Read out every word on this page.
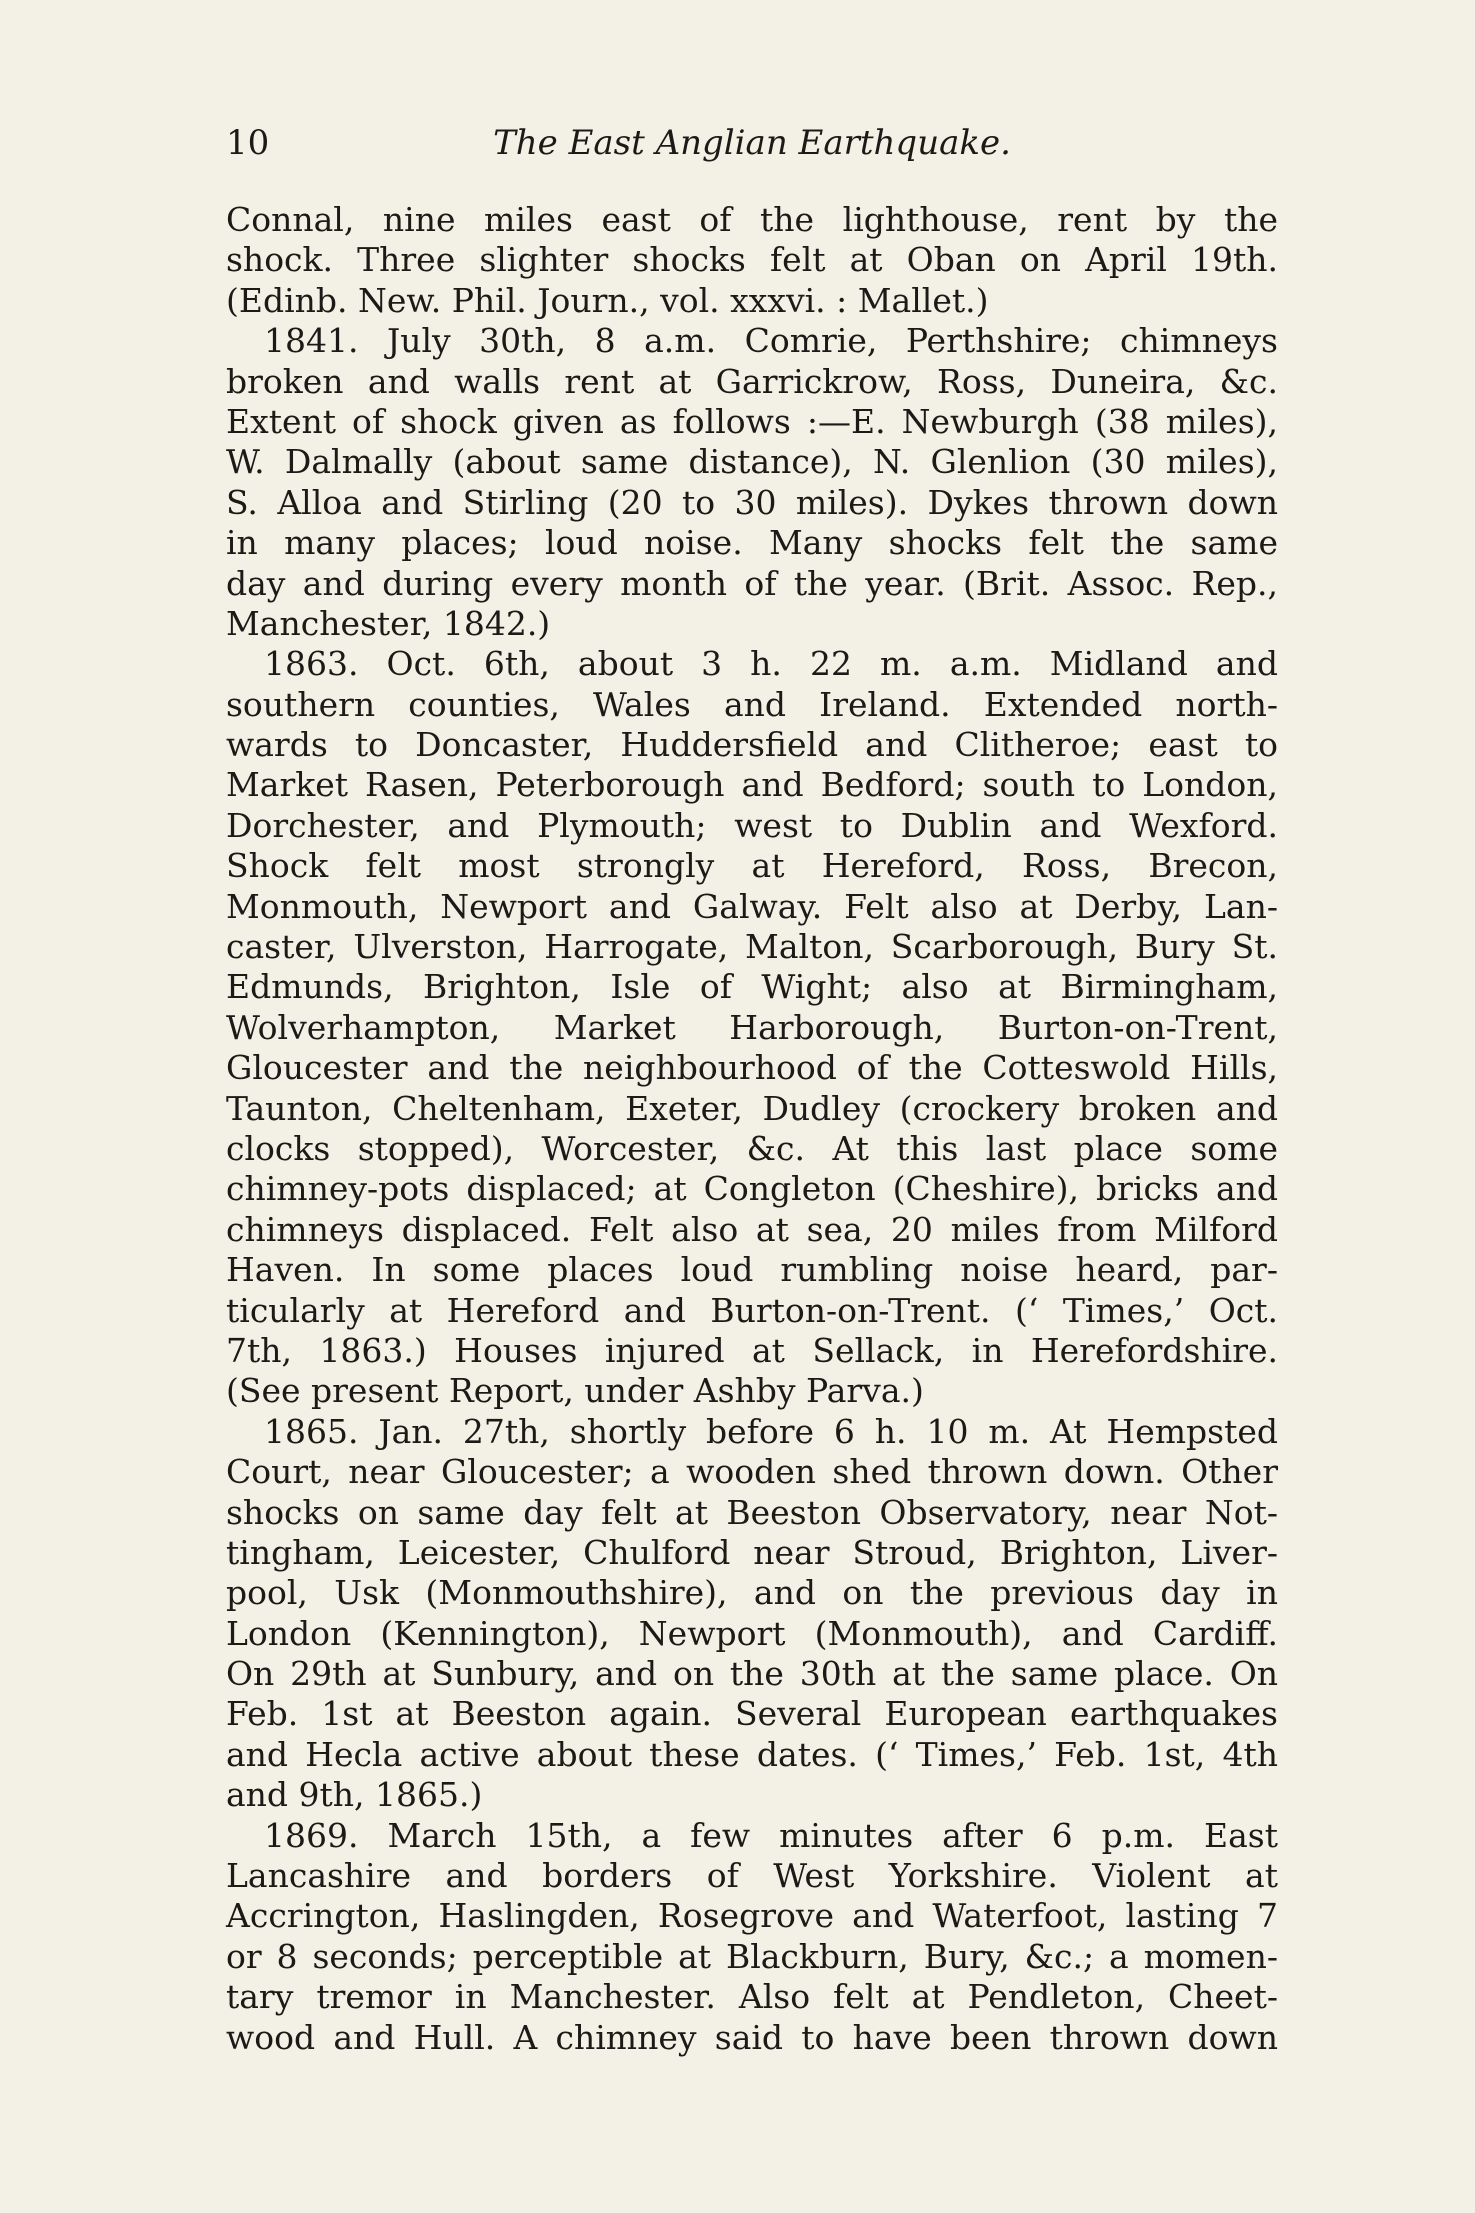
10	The East Anglian Earthquake.
Connal, nine miles east of the lighthouse, rent by the
shock. Three slighter shocks felt at Oban on April 19th.
(Edinb. New. Phil. Journ., vol. xxxvi. : Mallet.)
1841. July 30th, 8 a.m. Comrie, Perthshire; chimneys
broken and walls rent at Garrickrow, Ross, Duneira, &c.
Extent of shock given as follows :—E. Newburgh (38 miles),
W. Dalmally (about same distance), N. Glenlion (30 miles),
S. Alloa and Stirling (20 to 30 miles). Dykes thrown down
in many places; loud noise. Many shocks felt the same
day and during every month of the year. (Brit. Assoc. Rep.,
Manchester, 1842.)
1863. Oct. 6th, about 3 h. 22 m. a.m. Midland and
southern counties, Wales and Ireland. Extended north-
wards to Doncaster, Huddersfield and Clitheroe; east to
Market Rasen, Peterborough and Bedford; south to London,
Dorchester, and Plymouth; west to Dublin and Wexford.
Shock felt most strongly at Hereford, Ross, Brecon,
Monmouth, Newport and Galway. Felt also at Derby, Lan-
caster, Ulverston, Harrogate, Malton, Scarborough, Bury St.
Edmunds, Brighton, Isle of Wight; also at Birmingham,
Wolverhampton, Market Harborough, Burton-on-Trent,
Gloucester and the neighbourhood of the Cotteswold Hills,
Taunton, Cheltenham, Exeter, Dudley (crockery broken and
clocks stopped), Worcester, &c. At this last place some
chimney-pots displaced; at Congleton (Cheshire), bricks and
chimneys displaced. Felt also at sea, 20 miles from Milford
Haven. In some places loud rumbling noise heard, par-
ticularly at Hereford and Burton-on-Trent. (‘ Times,’ Oct.
7th, 1863.) Houses injured at Sellack, in Herefordshire.
(See present Report, under Ashby Parva.)
1865. Jan. 27th, shortly before 6 h. 10 m. At Hempsted
Court, near Gloucester; a wooden shed thrown down. Other
shocks on same day felt at Beeston Observatory, near Not-
tingham, Leicester, Chulford near Stroud, Brighton, Liver-
pool, Usk (Monmouthshire), and on the previous day in
London (Kennington), Newport (Monmouth), and Cardiff.
On 29th at Sunbury, and on the 30th at the same place. On
Feb. 1st at Beeston again. Several European earthquakes
and Hecla active about these dates. (‘ Times,’ Feb. 1st, 4th
and 9th, 1865.)
1869. March 15th, a few minutes after 6 p.m. East
Lancashire and borders of West Yorkshire. Violent at
Accrington, Haslingden, Rosegrove and Waterfoot, lasting 7
or 8 seconds; perceptible at Blackburn, Bury, &c.; a momen-
tary tremor in Manchester. Also felt at Pendleton, Cheet-
wood and Hull. A chimney said to have been thrown down
